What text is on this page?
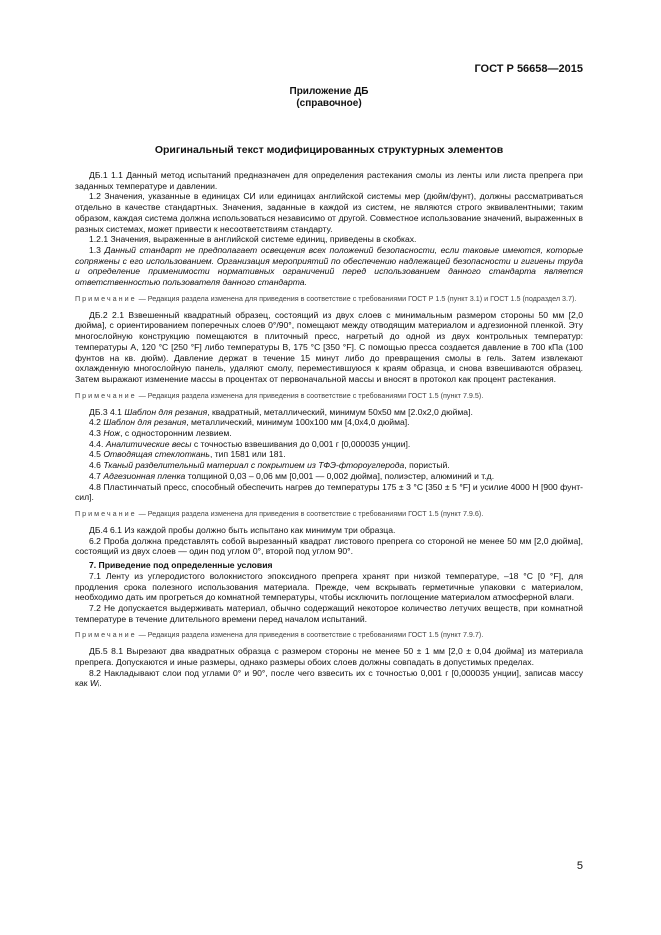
ГОСТ Р 56658—2015
Приложение ДБ
(справочное)
Оригинальный текст модифицированных структурных элементов

ДБ.1 1.1 Данный метод испытаний предназначен для определения растекания смолы из ленты или листа препрега при заданных температуре и давлении.

1.2 Значения, указанные в единицах СИ или единицах английской системы мер (дюйм/фунт), должны рассматриваться отдельно в качестве стандартных. Значения, заданные в каждой из систем, не являются строго эквивалентными; таким образом, каждая система должна использоваться независимо от другой. Совместное использование значений, выраженных в разных системах, может привести к несоответствиям стандарту.

1.2.1 Значения, выраженные в английской системе единиц, приведены в скобках.

1.3 Данный стандарт не предполагает освещения всех положений безопасности, если таковые имеются, которые сопряжены с его использованием. Организация мероприятий по обеспечению надлежащей безопасности и гигиены труда и определение применимости нормативных ограничений перед использованием данного стандарта является ответственностью пользователя данного стандарта.

Примечание — Редакция раздела изменена для приведения в соответствие с требованиями ГОСТ Р 1.5 (пункт 3.1) и ГОСТ 1.5 (подраздел 3.7).

ДБ.2 2.1 Взвешенный квадратный образец, состоящий из двух слоев с минимальным размером стороны 50 мм [2,0 дюйма], с ориентированием поперечных слоев 0°/90°, помещают между отводящим материалом и адгезионной пленкой. Эту многослойную конструкцию помещаются в плиточный пресс, нагретый до одной из двух контрольных температур: температуры А, 120 °С [250 °F] либо температуры В, 175 °С [350 °F]. С помощью пресса создается давление в 700 кПа (100 фунтов на кв. дюйм). Давление держат в течение 15 минут либо до превращения смолы в гель. Затем извлекают охлажденную многослойную панель, удаляют смолу, переместившуюся к краям образца, и снова взвешиваются образец. Затем выражают изменение массы в процентах от первоначальной массы и вносят в протокол как процент растекания.

Примечание — Редакция раздела изменена для приведения в соответствие с требованиями ГОСТ 1.5 (пункт 7.9.5).

ДБ.3 4.1 Шаблон для резания, квадратный, металлический, минимум 50x50 мм [2.0x2,0 дюйма].

4.2 Шаблон для резания, металлический, минимум 100x100 мм [4,0x4,0 дюйма].

4.3 Нож, с односторонним лезвием.

4.4. Аналитические весы с точностью взвешивания до 0,001 г [0,000035 унции].

4.5 Отводящая стеклоткань, тип 1581 или 181.

4.6 Тканый разделительный материал с покрытием из ТФЭ-фтороуглерода, пористый.

4.7 Адгезионная пленка толщиной 0,03 – 0,06 мм [0,001 — 0,002 дюйма], полиэстер, алюминий и т.д.

4.8 Пластинчатый пресс, способный обеспечить нагрев до температуры 175 ± 3 °С [350 ± 5 °F] и усилие 4000 Н [900 фунт-сил].

Примечание — Редакция раздела изменена для приведения в соответствие с требованиями ГОСТ 1.5 (пункт 7.9.6).

ДБ.4 6.1 Из каждой пробы должно быть испытано как минимум три образца.

6.2 Проба должна представлять собой вырезанный квадрат листового препрега со стороной не менее 50 мм [2,0 дюйма], состоящий из двух слоев — один под углом 0°, второй под углом 90°.

7. Приведение под определенные условия

7.1 Ленту из углеродистого волокнистого эпоксидного препрега хранят при низкой температуре, –18 °С [0 °F], для продления срока полезного использования материала. Прежде, чем вскрывать герметичные упаковки с материалом, необходимо дать им прогреться до комнатной температуры, чтобы исключить поглощение материалом атмосферной влаги.

7.2 Не допускается выдерживать материал, обычно содержащий некоторое количество летучих веществ, при комнатной температуре в течение длительного времени перед началом испытаний.

Примечание — Редакция раздела изменена для приведения в соответствие с требованиями ГОСТ 1.5 (пункт 7.9.7).

ДБ.5 8.1 Вырезают два квадратных образца с размером стороны не менее 50 ± 1 мм [2,0 ± 0,04 дюйма] из материала препрега. Допускаются и иные размеры, однако размеры обоих слоев должны совпадать в допустимых пределах.

8.2 Накладывают слои под углами 0° и 90°, после чего взвесить их с точностью 0,001 г [0,000035 унции], записав массу как Wᵢ.

5
